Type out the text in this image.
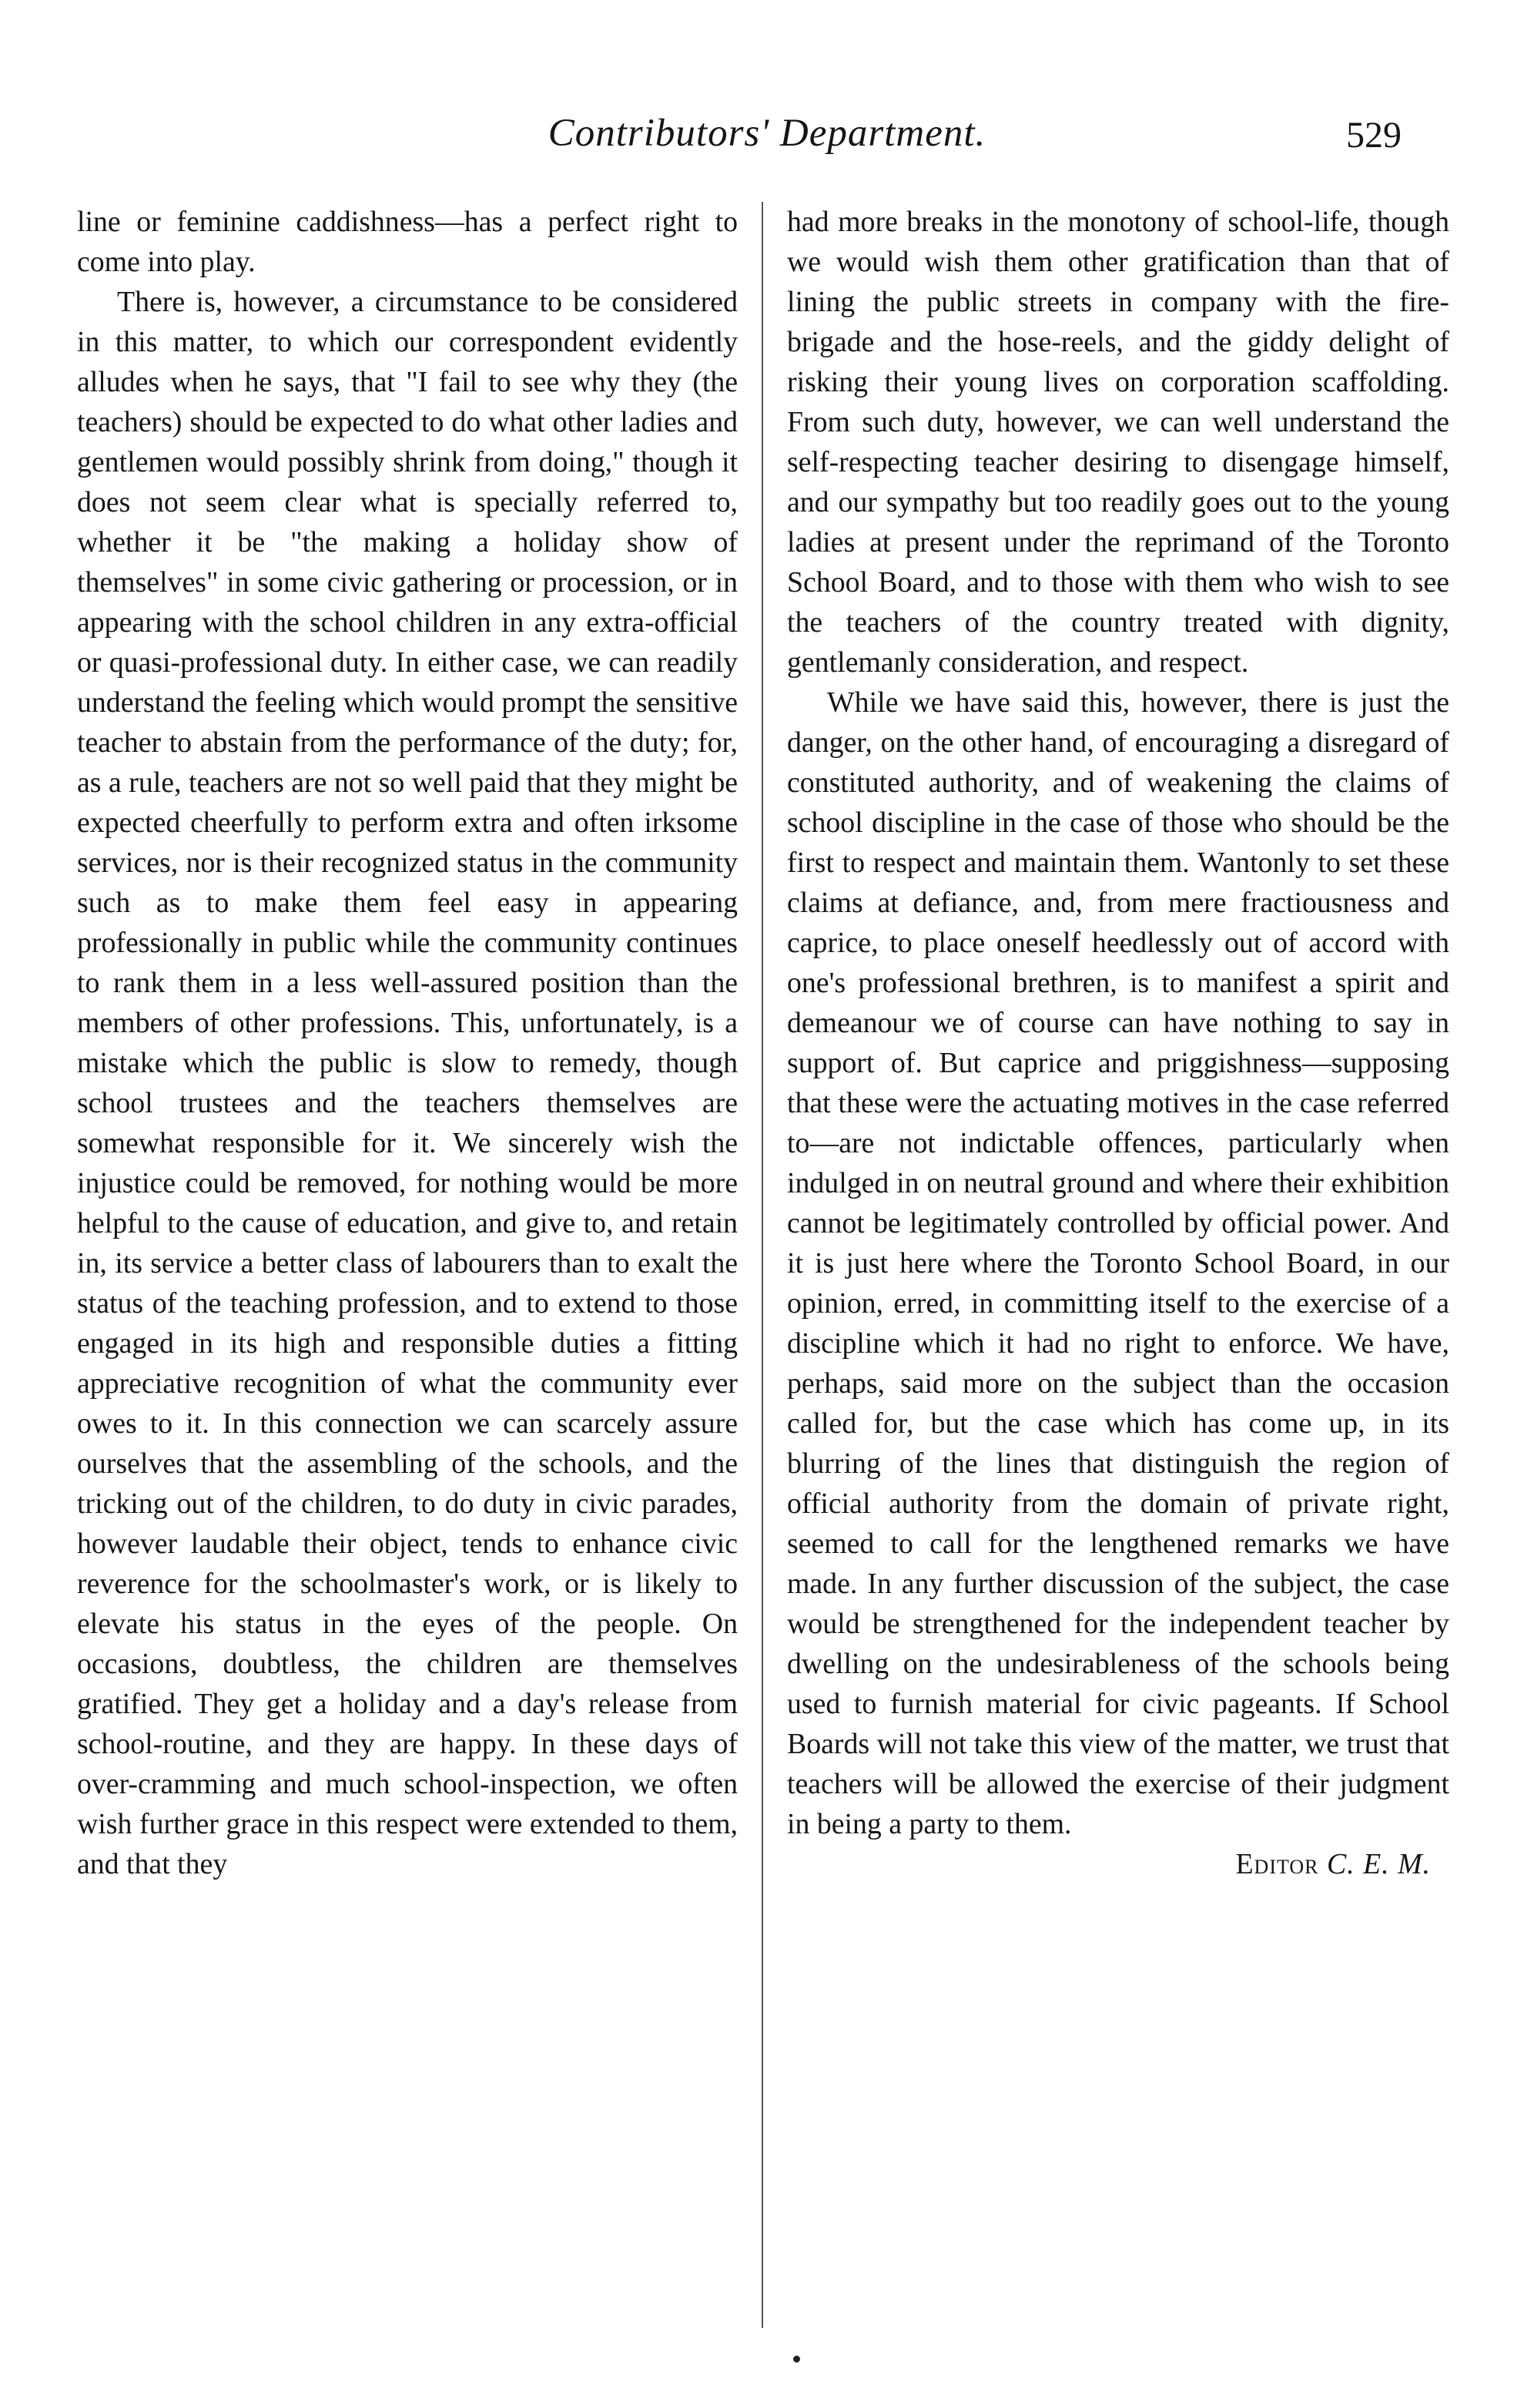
Contributors' Department.	529

line or feminine caddishness—has a perfect right to come into play.

There is, however, a circumstance to be considered in this matter, to which our correspondent evidently alludes when he says, that "I fail to see why they (the teachers) should be expected to do what other ladies and gentlemen would possibly shrink from doing," though it does not seem clear what is specially referred to, whether it be "the making a holiday show of themselves" in some civic gathering or procession, or in appearing with the school children in any extra-official or quasi-professional duty. In either case, we can readily understand the feeling which would prompt the sensitive teacher to abstain from the performance of the duty; for, as a rule, teachers are not so well paid that they might be expected cheerfully to perform extra and often irksome services, nor is their recognized status in the community such as to make them feel easy in appearing professionally in public while the community continues to rank them in a less well-assured position than the members of other professions. This, unfortunately, is a mistake which the public is slow to remedy, though school trustees and the teachers themselves are somewhat responsible for it. We sincerely wish the injustice could be removed, for nothing would be more helpful to the cause of education, and give to, and retain in, its service a better class of labourers than to exalt the status of the teaching profession, and to extend to those engaged in its high and responsible duties a fitting appreciative recognition of what the community ever owes to it. In this connection we can scarcely assure ourselves that the assembling of the schools, and the tricking out of the children, to do duty in civic parades, however laudable their object, tends to enhance civic reverence for the schoolmaster's work, or is likely to elevate his status in the eyes of the people. On occasions, doubtless, the children are themselves gratified. They get a holiday and a day's release from school-routine, and they are happy. In these days of over-cramming and much school-inspection, we often wish further grace in this respect were extended to them, and that they

had more breaks in the monotony of school-life, though we would wish them other gratification than that of lining the public streets in company with the fire-brigade and the hose-reels, and the giddy delight of risking their young lives on corporation scaffolding. From such duty, however, we can well understand the self-respecting teacher desiring to disengage himself, and our sympathy but too readily goes out to the young ladies at present under the reprimand of the Toronto School Board, and to those with them who wish to see the teachers of the country treated with dignity, gentlemanly consideration, and respect.

While we have said this, however, there is just the danger, on the other hand, of encouraging a disregard of constituted authority, and of weakening the claims of school discipline in the case of those who should be the first to respect and maintain them. Wantonly to set these claims at defiance, and, from mere fractiousness and caprice, to place oneself heedlessly out of accord with one's professional brethren, is to manifest a spirit and demeanour we of course can have nothing to say in support of. But caprice and priggishness—supposing that these were the actuating motives in the case referred to—are not indictable offences, particularly when indulged in on neutral ground and where their exhibition cannot be legitimately controlled by official power. And it is just here where the Toronto School Board, in our opinion, erred, in committing itself to the exercise of a discipline which it had no right to enforce. We have, perhaps, said more on the subject than the occasion called for, but the case which has come up, in its blurring of the lines that distinguish the region of official authority from the domain of private right, seemed to call for the lengthened remarks we have made. In any further discussion of the subject, the case would be strengthened for the independent teacher by dwelling on the undesirableness of the schools being used to furnish material for civic pageants. If School Boards will not take this view of the matter, we trust that teachers will be allowed the exercise of their judgment in being a party to them.

Editor C. E. M.
